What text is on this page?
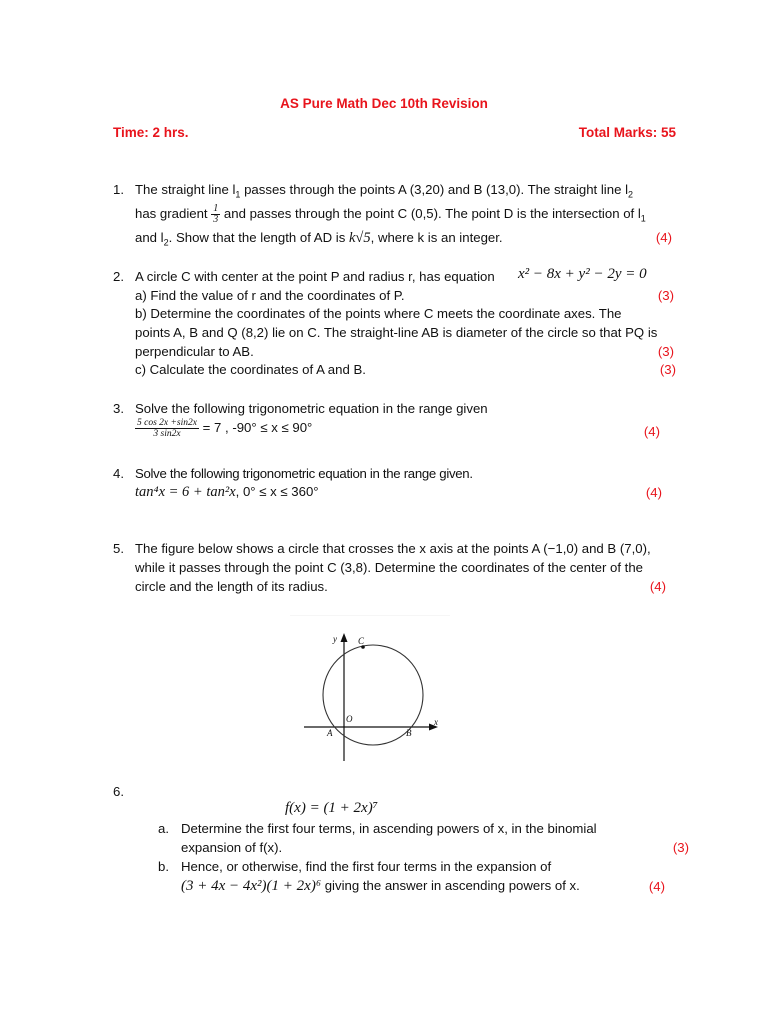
AS Pure Math Dec 10th Revision
Time: 2 hrs.	Total Marks: 55
1. The straight line $l_1$ passes through the points A (3,20) and B (13,0). The straight line $l_2$
has gradient $\frac{1}{3}$ and passes through the point C (0,5). The point D is the intersection of $l_1$
and $l_2$. Show that the length of AD is k√5, where k is an integer.	(4)
2. A circle C with center at the point P and radius r, has equation x² − 8x + y² − 2y = 0
a) Find the value of r and the coordinates of P.	(3)
b) Determine the coordinates of the points where C meets the coordinate axes. The
points A, B and Q (8,2) lie on C. The straight-line AB is diameter of the circle so that PQ is
perpendicular to AB.	(3)
c) Calculate the coordinates of A and B.	(3)
3. Solve the following trigonometric equation in the range given
$\frac{5 \cos 2x +\sin 2x}{3 \sin 2x} = 7$ , -90° ≤ x ≤ 90°	(4)
4. Solve the following trigonometric equation in the range given.
tan⁴x = 6 + tan²x, 0° ≤ x ≤ 360°	(4)
5. The figure below shows a circle that crosses the x axis at the points A (−1,0) and B (7,0),
while it passes through the point C (3,8). Determine the coordinates of the center of the
circle and the length of its radius.	(4)
y C
O
A	B
x
6.
f(x) = (1 + 2x)⁷
a. Determine the first four terms, in ascending powers of x, in the binomial
expansion of f(x).	(3)
b. Hence, or otherwise, find the first four terms in the expansion of
(3 + 4x − 4x²)(1 + 2x)⁶ giving the answer in ascending powers of x.	(4)
